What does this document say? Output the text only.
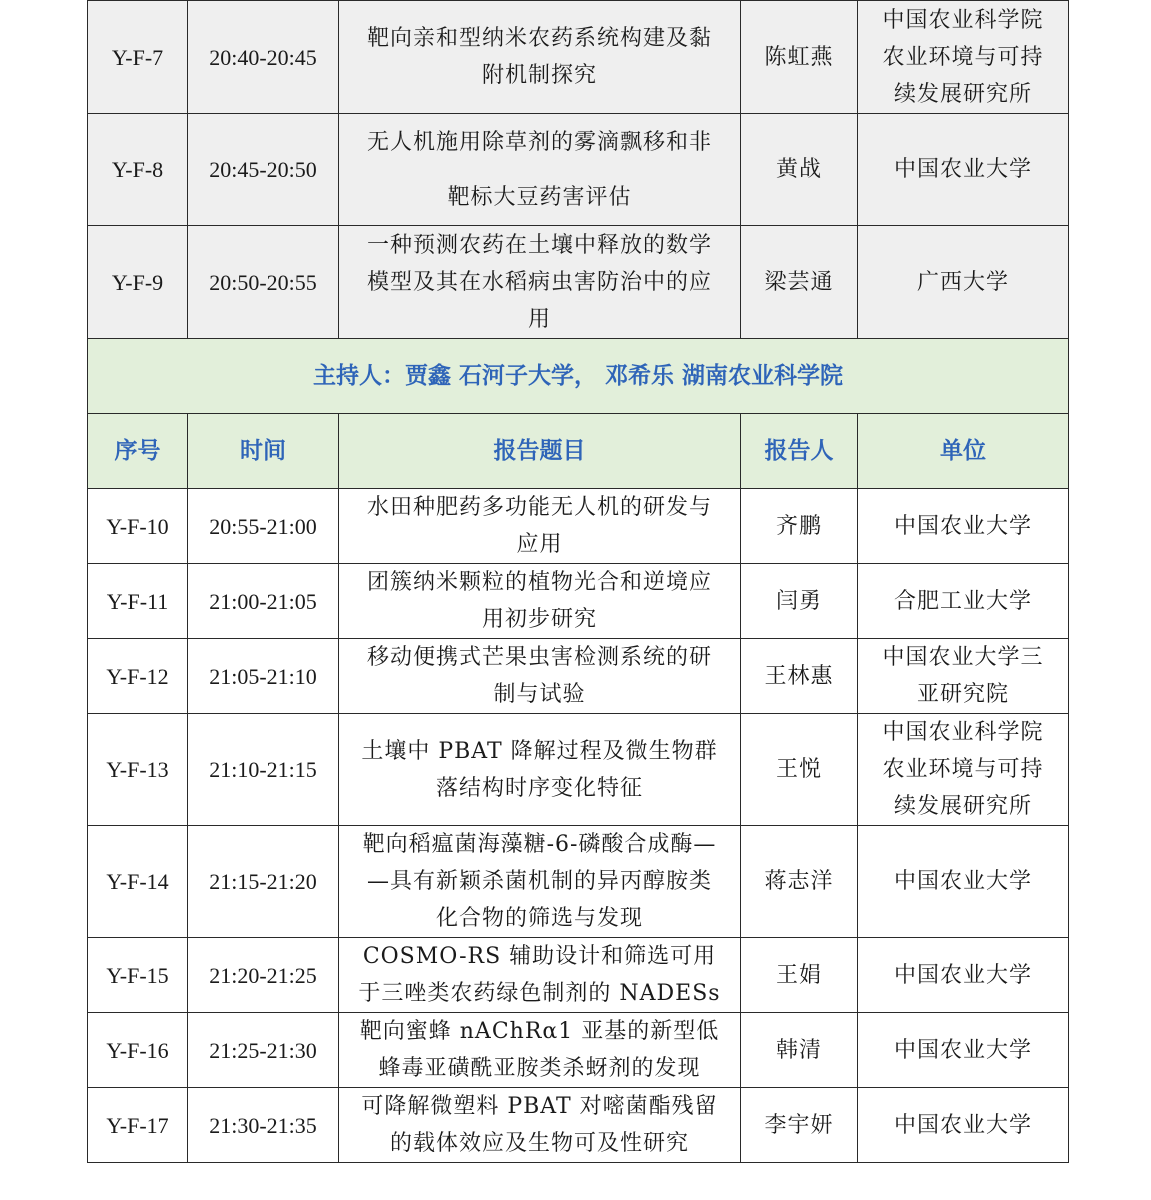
Y-F-7	20:40-20:45	靶向亲和型纳米农药系统构建及黏
附机制探究	陈虹燕	中国农业科学院
农业环境与可持
续发展研究所

Y-F-8	20:45-20:50	无人机施用除草剂的雾滴飘移和非
靶标大豆药害评估	黄战	中国农业大学

Y-F-9	20:50-20:55	一种预测农药在土壤中释放的数学
模型及其在水稻病虫害防治中的应
用	梁芸通	广西大学

主持人：贾鑫 石河子大学， 邓希乐 湖南农业科学院				
序号	时间	报告题目	报告人	单位
Y-F-10	20:55-21:00	水田种肥药多功能无人机的研发与
应用	齐鹏	中国农业大学

Y-F-11	21:00-21:05	团簇纳米颗粒的植物光合和逆境应
用初步研究	闫勇	合肥工业大学

Y-F-12	21:05-21:10	移动便携式芒果虫害检测系统的研
制与试验	王林惠	中国农业大学三
亚研究院

Y-F-13	21:10-21:15	土壤中 PBAT 降解过程及微生物群
落结构时序变化特征	王悦	中国农业科学院
农业环境与可持
续发展研究所

Y-F-14	21:15-21:20	靶向稻瘟菌海藻糖-6-磷酸合成酶—
—具有新颖杀菌机制的异丙醇胺类
化合物的筛选与发现	蒋志洋	中国农业大学

Y-F-15	21:20-21:25	COSMO-RS 辅助设计和筛选可用
于三唑类农药绿色制剂的 NADESs	王娟	中国农业大学

Y-F-16	21:25-21:30	靶向蜜蜂 nAChRα1 亚基的新型低
蜂毒亚磺酰亚胺类杀蚜剂的发现	韩清	中国农业大学

Y-F-17	21:30-21:35	可降解微塑料 PBAT 对嘧菌酯残留
的载体效应及生物可及性研究	李宇妍	中国农业大学
